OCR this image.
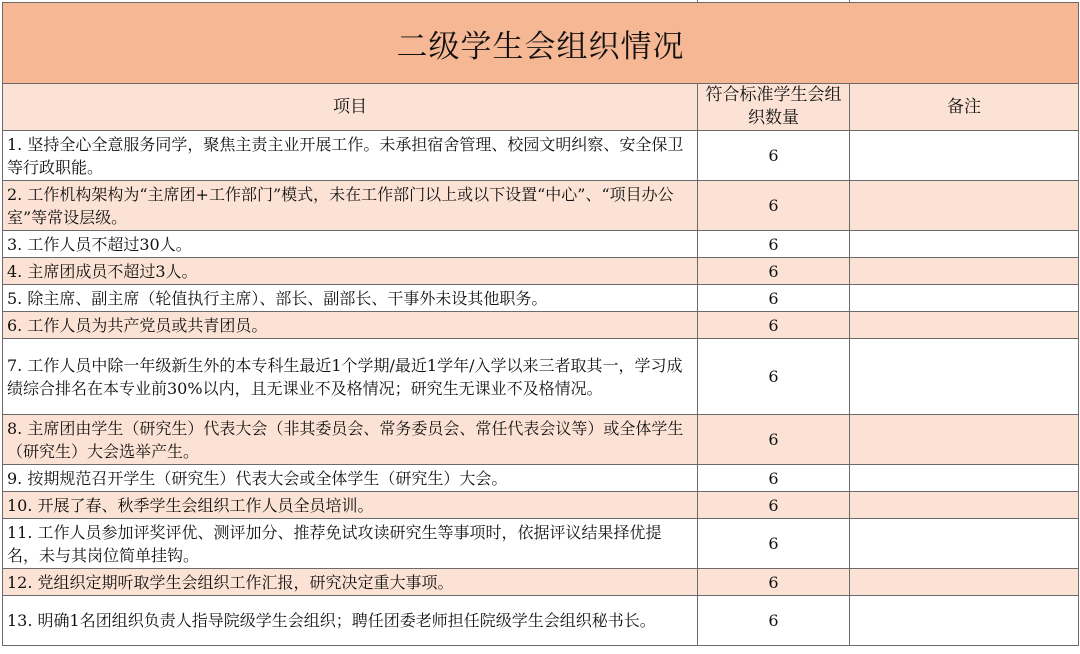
二级学生会组织情况		
项目	符合标准学生会组织数量	备注
1. 坚持全心全意服务同学，聚焦主责主业开展工作。未承担宿舍管理、校园文明纠察、安全保卫等行政职能。	6	
2. 工作机构架构为“主席团+工作部门”模式，未在工作部门以上或以下设置“中心”、“项目办公室”等常设层级。	6	
3. 工作人员不超过30人。	6	
4. 主席团成员不超过3人。	6	
5. 除主席、副主席（轮值执行主席）、部长、副部长、干事外未设其他职务。	6	
6. 工作人员为共产党员或共青团员。	6	
7. 工作人员中除一年级新生外的本专科生最近1个学期/最近1学年/入学以来三者取其一，学习成绩综合排名在本专业前30%以内，且无课业不及格情况；研究生无课业不及格情况。	6	
8. 主席团由学生（研究生）代表大会（非其委员会、常务委员会、常任代表会议等）或全体学生（研究生）大会选举产生。	6	
9. 按期规范召开学生（研究生）代表大会或全体学生（研究生）大会。	6	
10. 开展了春、秋季学生会组织工作人员全员培训。	6	
11. 工作人员参加评奖评优、测评加分、推荐免试攻读研究生等事项时，依据评议结果择优提名，未与其岗位简单挂钩。	6	
12. 党组织定期听取学生会组织工作汇报，研究决定重大事项。	6	
13. 明确1名团组织负责人指导院级学生会组织；聘任团委老师担任院级学生会组织秘书长。	6	
